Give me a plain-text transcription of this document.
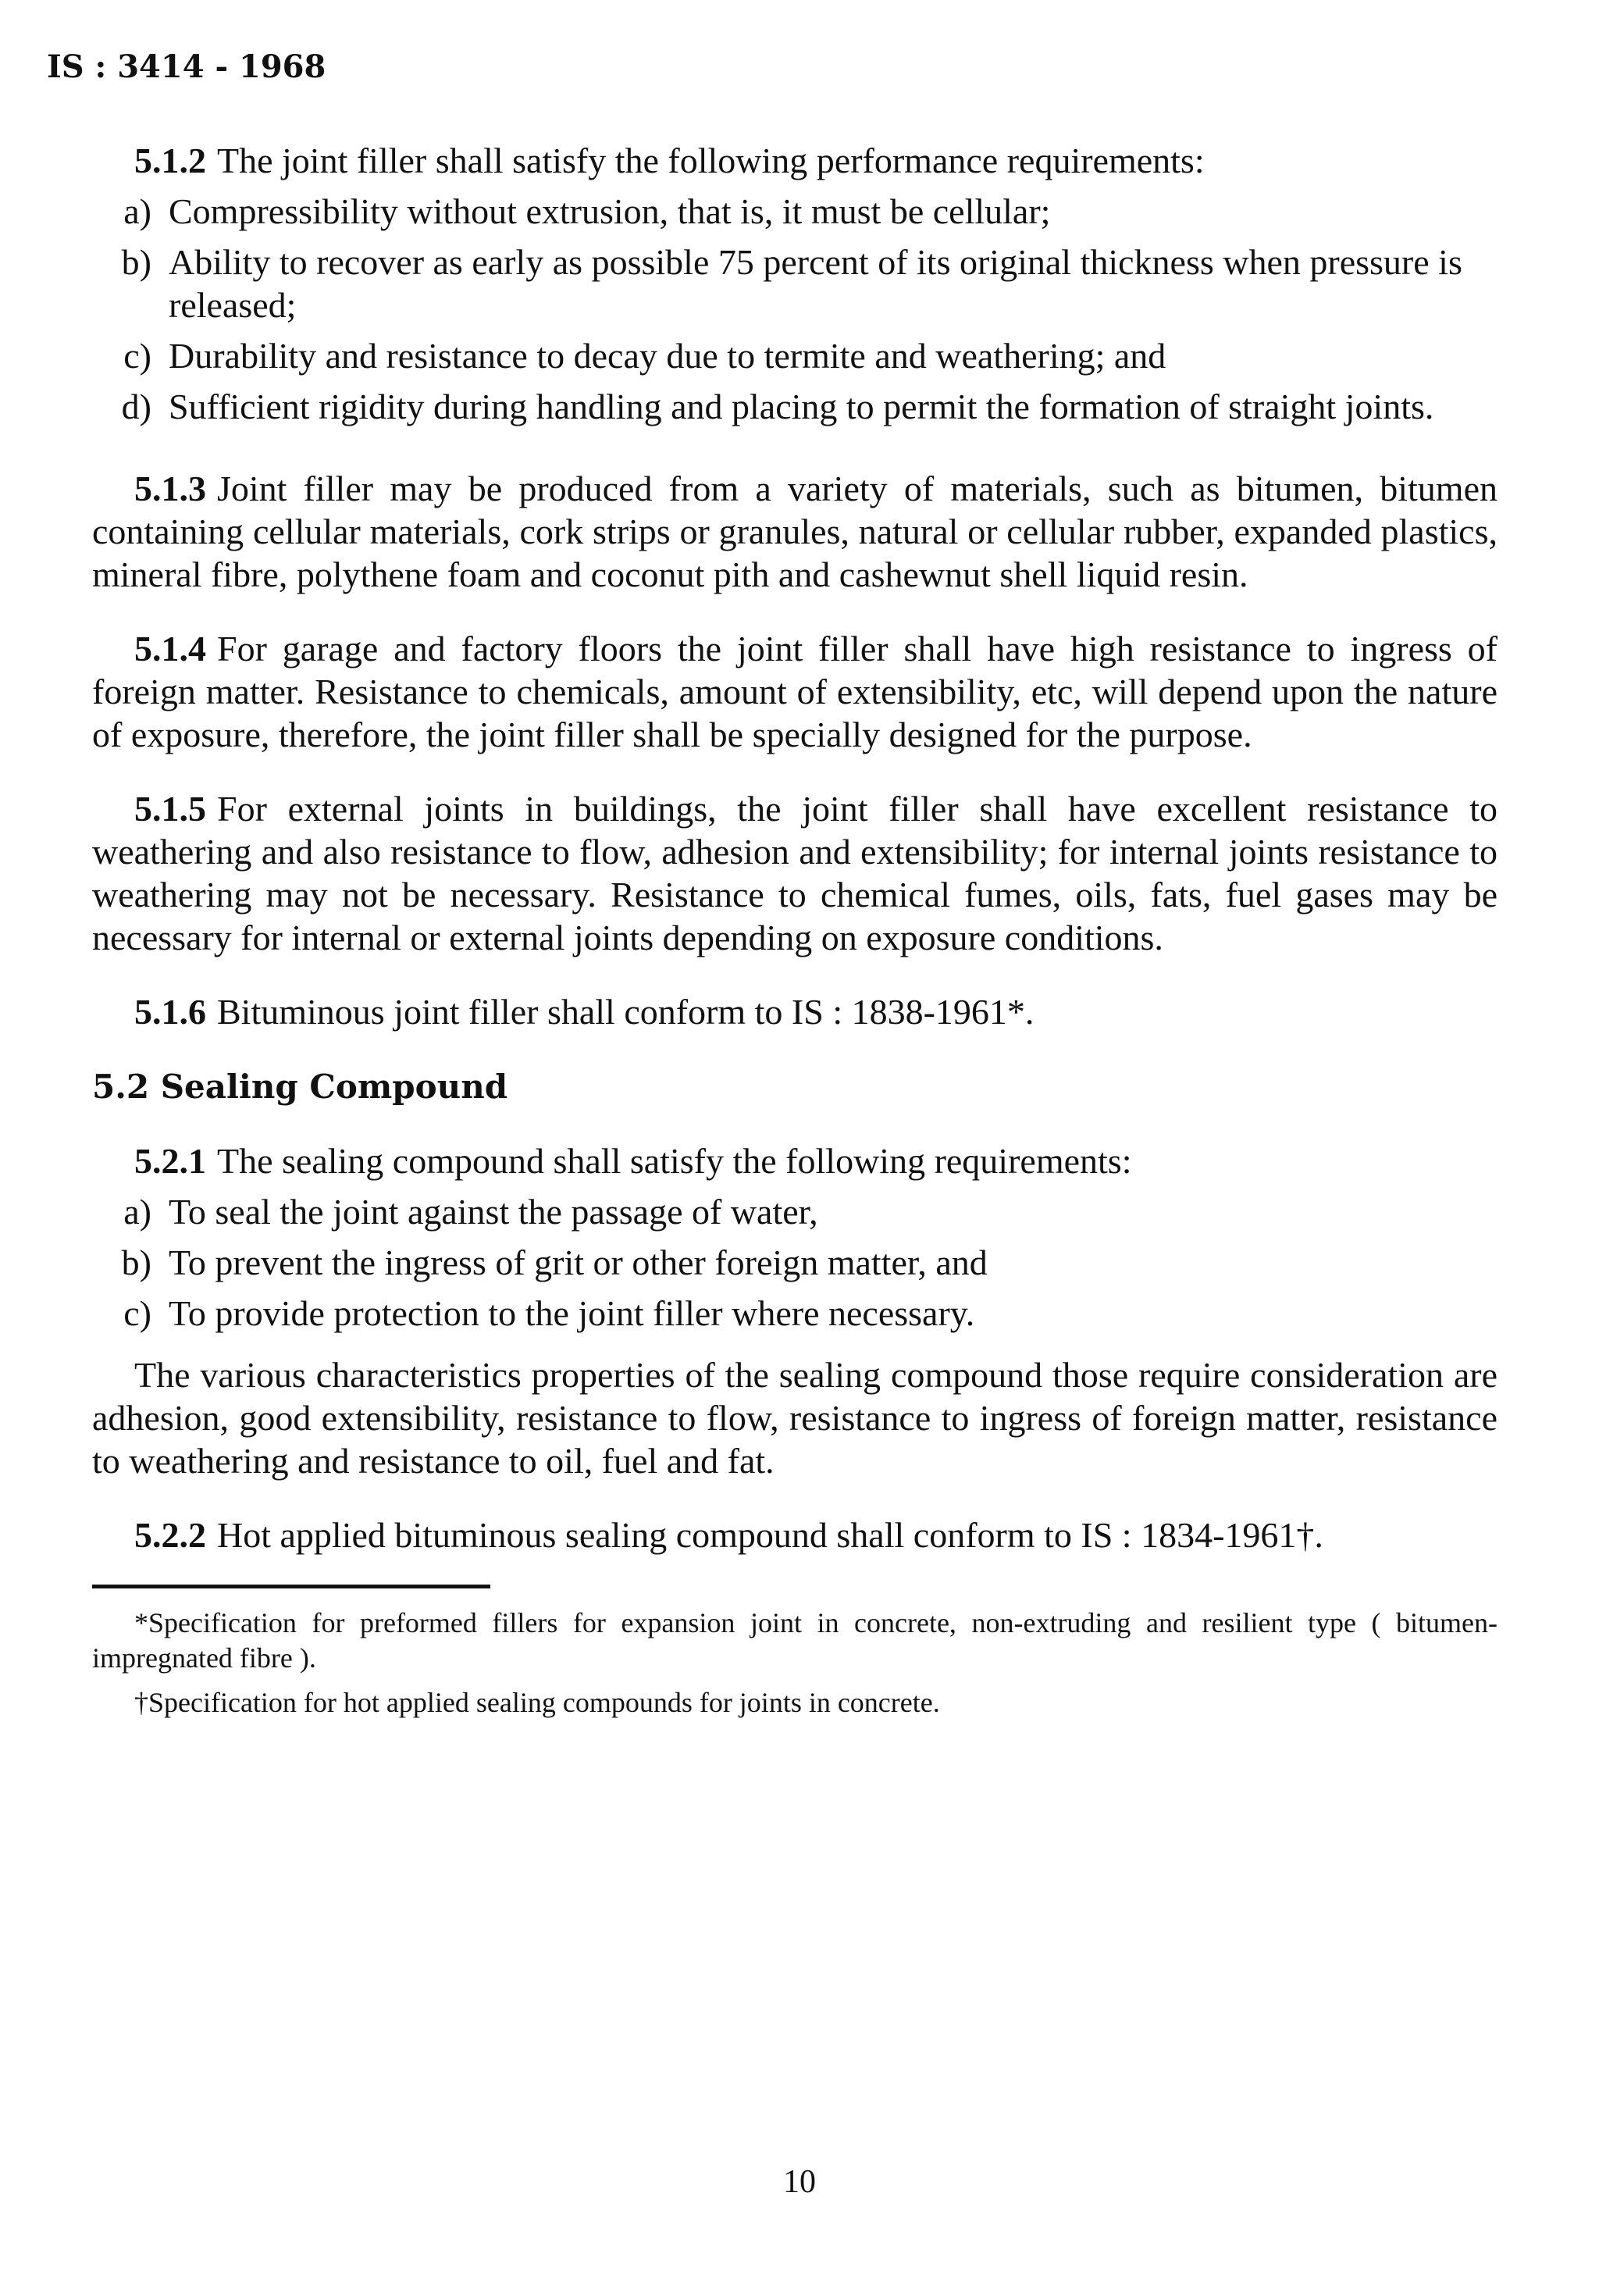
IS : 3414 - 1968

5.1.2 The joint filler shall satisfy the following performance requirements:

a) Compressibility without extrusion, that is, it must be cellular;
b) Ability to recover as early as possible 75 percent of its original thickness when pressure is released;
c) Durability and resistance to decay due to termite and weathering; and
d) Sufficient rigidity during handling and placing to permit the formation of straight joints.

5.1.3 Joint filler may be produced from a variety of materials, such as bitumen, bitumen containing cellular materials, cork strips or granules, natural or cellular rubber, expanded plastics, mineral fibre, polythene foam and coconut pith and cashewnut shell liquid resin.

5.1.4 For garage and factory floors the joint filler shall have high resistance to ingress of foreign matter. Resistance to chemicals, amount of extensibility, etc, will depend upon the nature of exposure, therefore, the joint filler shall be specially designed for the purpose.

5.1.5 For external joints in buildings, the joint filler shall have excellent resistance to weathering and also resistance to flow, adhesion and extensibility; for internal joints resistance to weathering may not be necessary. Resistance to chemical fumes, oils, fats, fuel gases may be necessary for internal or external joints depending on exposure conditions.

5.1.6 Bituminous joint filler shall conform to IS : 1838-1961*.

5.2 Sealing Compound

5.2.1 The sealing compound shall satisfy the following requirements:

a) To seal the joint against the passage of water,
b) To prevent the ingress of grit or other foreign matter, and
c) To provide protection to the joint filler where necessary.

The various characteristics properties of the sealing compound those require consideration are adhesion, good extensibility, resistance to flow, resistance to ingress of foreign matter, resistance to weathering and resistance to oil, fuel and fat.

5.2.2 Hot applied bituminous sealing compound shall conform to IS : 1834-1961†.

*Specification for preformed fillers for expansion joint in concrete, non-extruding and resilient type ( bitumen-impregnated fibre ).

†Specification for hot applied sealing compounds for joints in concrete.

10
